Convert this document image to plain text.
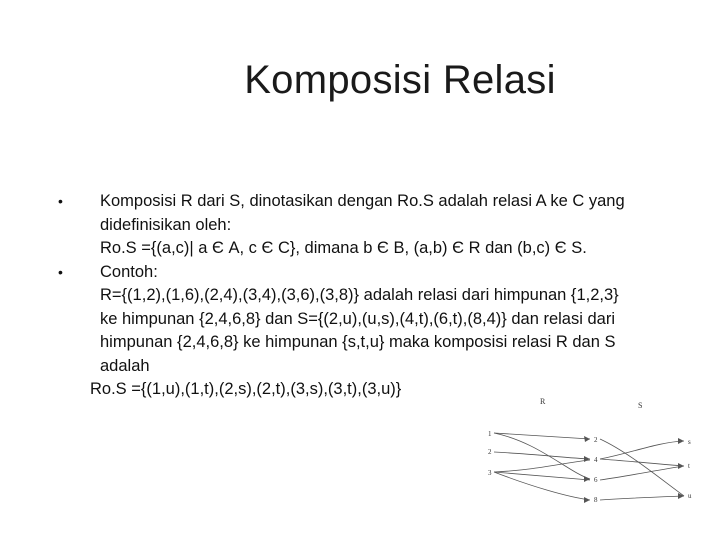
Komposisi Relasi
• Komposisi R dari S, dinotasikan dengan Ro.S adalah relasi A ke C yang
didefinisikan oleh:
Ro.S ={(a,c)| a Є A, c Є C}, dimana b Є B, (a,b) Є R dan (b,c) Є S.
• Contoh:
R={(1,2),(1,6),(2,4),(3,4),(3,6),(3,8)} adalah relasi dari himpunan {1,2,3}
ke himpunan {2,4,6,8} dan S={(2,u),(u,s),(4,t),(6,t),(8,4)} dan relasi dari
himpunan {2,4,6,8} ke himpunan {s,t,u} maka komposisi relasi R dan S
adalah
Ro.S ={(1,u),(1,t),(2,s),(2,t),(3,s),(3,t),(3,u)}
R	S
1
2
3
2
4
6
8
s
t
u
